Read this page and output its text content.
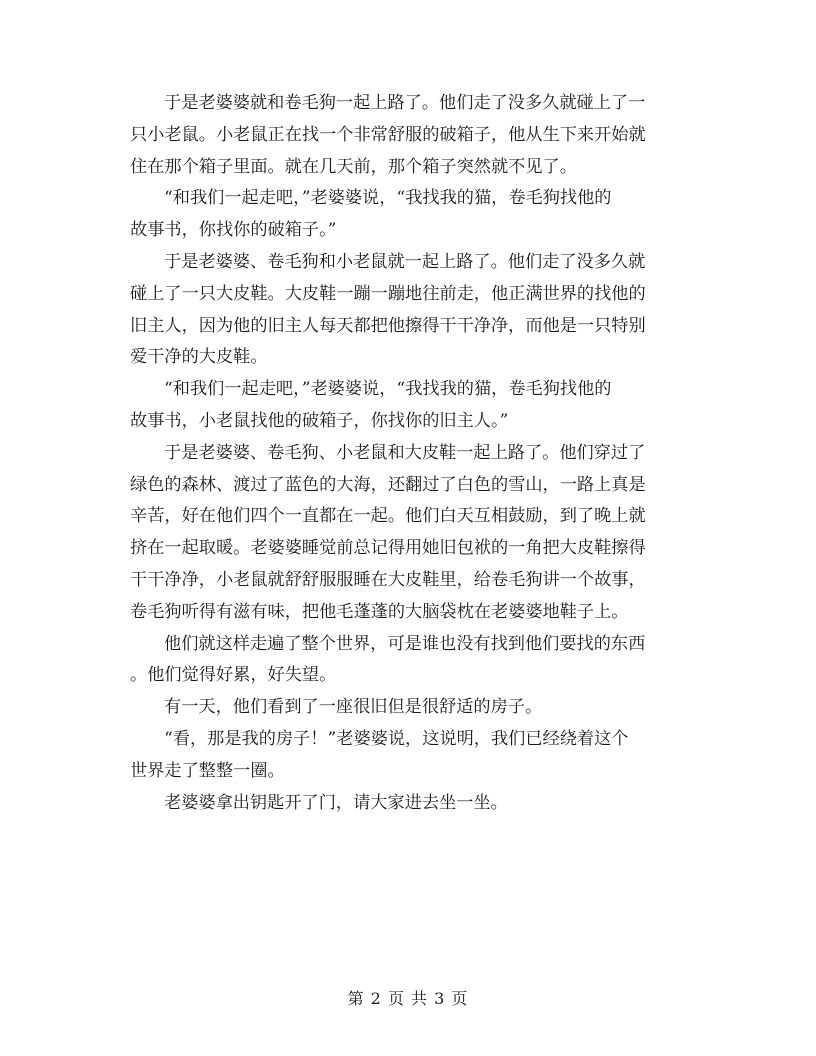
于是老婆婆就和卷毛狗一起上路了。他们走了没多久就碰上了一
只小老鼠。小老鼠正在找一个非常舒服的破箱子，他从生下来开始就
住在那个箱子里面。就在几天前，那个箱子突然就不见了。
“和我们一起走吧，”老婆婆说，“我找我的猫，卷毛狗找他的
故事书，你找你的破箱子。”
于是老婆婆、卷毛狗和小老鼠就一起上路了。他们走了没多久就
碰上了一只大皮鞋。大皮鞋一蹦一蹦地往前走，他正满世界的找他的
旧主人，因为他的旧主人每天都把他擦得干干净净，而他是一只特别
爱干净的大皮鞋。
“和我们一起走吧，”老婆婆说，“我找我的猫，卷毛狗找他的
故事书，小老鼠找他的破箱子，你找你的旧主人。”
于是老婆婆、卷毛狗、小老鼠和大皮鞋一起上路了。他们穿过了
绿色的森林、渡过了蓝色的大海，还翻过了白色的雪山，一路上真是
辛苦，好在他们四个一直都在一起。他们白天互相鼓励，到了晚上就
挤在一起取暖。老婆婆睡觉前总记得用她旧包袱的一角把大皮鞋擦得
干干净净，小老鼠就舒舒服服睡在大皮鞋里，给卷毛狗讲一个故事，
卷毛狗听得有滋有味，把他毛蓬蓬的大脑袋枕在老婆婆地鞋子上。
他们就这样走遍了整个世界，可是谁也没有找到他们要找的东西
。他们觉得好累，好失望。
有一天，他们看到了一座很旧但是很舒适的房子。
“看，那是我的房子！”老婆婆说，这说明，我们已经绕着这个
世界走了整整一圈。
老婆婆拿出钥匙开了门，请大家进去坐一坐。
第 2 页 共 3 页
